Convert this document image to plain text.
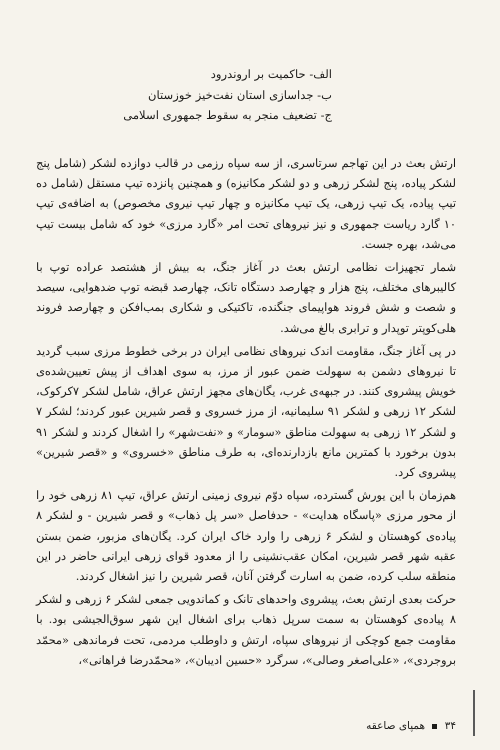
الف- حاکمیت بر اروندرود
ب- جداسازی استان نفت‌خیز خوزستان
ج- تضعیف منجر به سقوط جمهوری اسلامی

ارتش بعث در این تهاجم سرتاسری، از سه سپاه رزمی در قالب دوازده لشکر (شامل پنج لشکر پیاده، پنج لشکر زرهی و دو لشکر مکانیزه) و همچنین پانزده تیپ مستقل (شامل ده تیپ پیاده، یک تیپ زرهی، یک تیپ مکانیزه و چهار تیپ نیروی مخصوص) به اضافه‌ی تیپ ۱۰ گارد ریاست جمهوری و نیز نیروهای تحت امر «گارد مرزی» خود که شامل بیست تیپ می‌شد، بهره جست.

شمار تجهیزات نظامی ارتش بعث در آغاز جنگ، به بیش از هشتصد عراده توپ با کالیبرهای مختلف، پنج هزار و چهارصد دستگاه تانک، چهارصد قبضه توپ ضدهوایی، سیصد و شصت و شش فروند هواپیمای جنگنده، تاکتیکی و شکاری بمب‌افکن و چهارصد فروند هلی‌کوپتر توپدار و ترابری بالغ می‌شد.

در پی آغاز جنگ، مقاومت اندک نیروهای نظامی ایران در برخی خطوط مرزی سبب گردید تا نیروهای دشمن به سهولت ضمن عبور از مرز، به سوی اهداف از پیش تعیین‌شده‌ی خویش پیشروی کنند. در جبهه‌ی غرب، یگان‌های مجهز ارتش عراق، شامل لشکر ۷کرکوک، لشکر ۱۲ زرهی و لشکر ۹۱ سلیمانیه، از مرز خسروی و قصر شیرین عبور کردند؛ لشکر ۷ و لشکر ۱۲ زرهی به سهولت مناطق «سومار» و «نفت‌شهر» را اشغال کردند و لشکر ۹۱ بدون برخورد با کمترین مانع بازدارنده‌ای، به طرف مناطق «خسروی» و «قصر شیرین» پیشروی کرد.

هم‌زمان با این یورش گسترده، سپاه دوّم نیروی زمینی ارتش عراق، تیپ ۸۱ زرهی خود را از محور مرزی «پاسگاه هدایت» - حدفاصل «سر پل ذهاب» و قصر شیرین - و لشکر ۸ پیاده‌ی کوهستان و لشکر ۶ زرهی را وارد خاک ایران کرد. یگان‌های مزبور، ضمن بستن عقبه شهر قصر شیرین، امکان عقب‌نشینی را از معدود قوای زرهی ایرانی حاضر در این منطقه سلب کرده، ضمن به اسارت گرفتن آنان، قصر شیرین را نیز اشغال کردند.

حرکت بعدی ارتش بعث، پیشروی واحدهای تانک و کماندویی جمعی لشکر ۶ زرهی و لشکر ۸ پیاده‌ی کوهستان به سمت سرپل ذهاب برای اشغال این شهر سوق‌الجیشی بود. با مقاومت جمع کوچکی از نیروهای سپاه، ارتش و داوطلب مردمی، تحت فرماندهی «محمّد بروجردی»، «علی‌اصغر وصالی»، سرگرد «حسین ادیبان»، «محمّدرضا فراهانی»،

۳۴  همپای صاعقه
